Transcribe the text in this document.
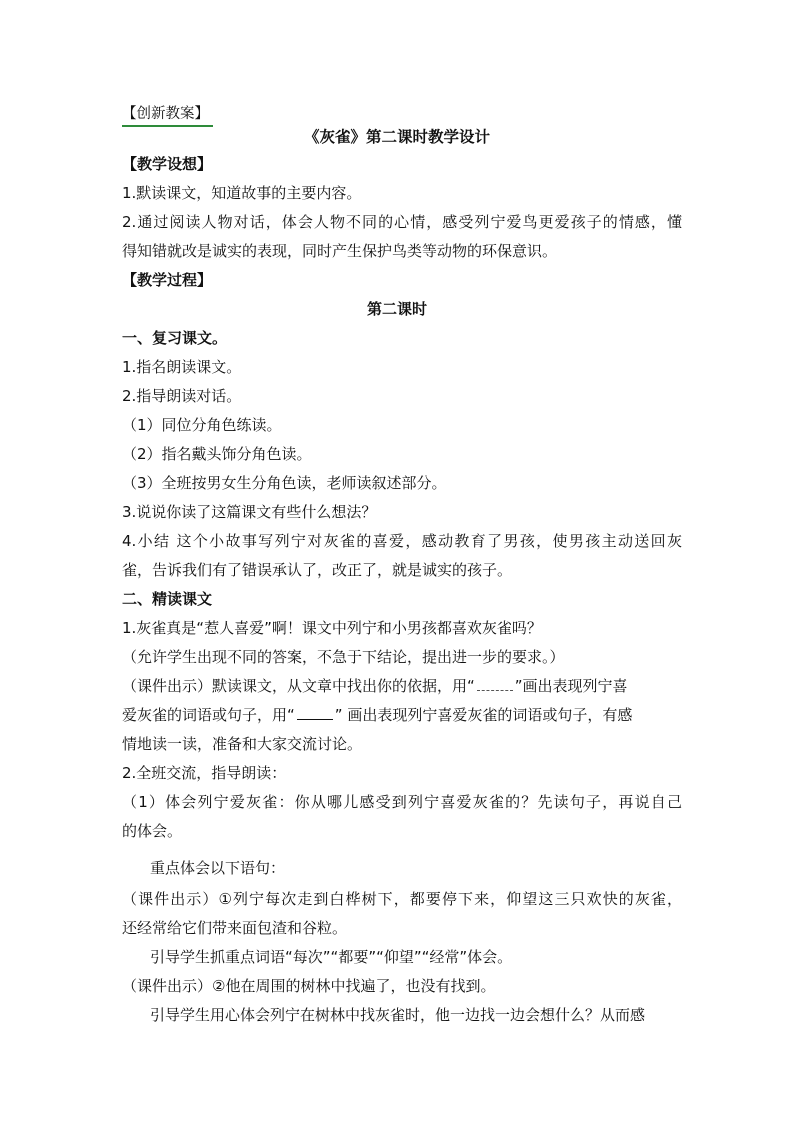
【创新教案】
《灰雀》第二课时教学设计
【教学设想】
1.默读课文，知道故事的主要内容。
2.通过阅读人物对话，体会人物不同的心情，感受列宁爱鸟更爱孩子的情感，懂
得知错就改是诚实的表现，同时产生保护鸟类等动物的环保意识。
【教学过程】
第二课时
一、复习课文。
1.指名朗读课文。
2.指导朗读对话。
（1）同位分角色练读。
（2）指名戴头饰分角色读。
（3）全班按男女生分角色读，老师读叙述部分。
3.说说你读了这篇课文有些什么想法？
4.小结 这个小故事写列宁对灰雀的喜爱，感动教育了男孩，使男孩主动送回灰
雀，告诉我们有了错误承认了，改正了，就是诚实的孩子。
二、精读课文
1.灰雀真是“惹人喜爱”啊！课文中列宁和小男孩都喜欢灰雀吗？
（允许学生出现不同的答案，不急于下结论，提出进一步的要求。）
（课件出示）默读课文，从文章中找出你的依据，用“	”画出表现列宁喜
爱灰雀的词语或句子，用“	” 画出表现列宁喜爱灰雀的词语或句子，有感
情地读一读，准备和大家交流讨论。
2.全班交流，指导朗读：
（1）体会列宁爱灰雀：你从哪儿感受到列宁喜爱灰雀的？先读句子，再说自己
的体会。
重点体会以下语句：
（课件出示）①列宁每次走到白桦树下，都要停下来，仰望这三只欢快的灰雀，
还经常给它们带来面包渣和谷粒。
引导学生抓重点词语“每次”“都要”“仰望”“经常”体会。
（课件出示）②他在周围的树林中找遍了，也没有找到。
引导学生用心体会列宁在树林中找灰雀时，他一边找一边会想什么？从而感
